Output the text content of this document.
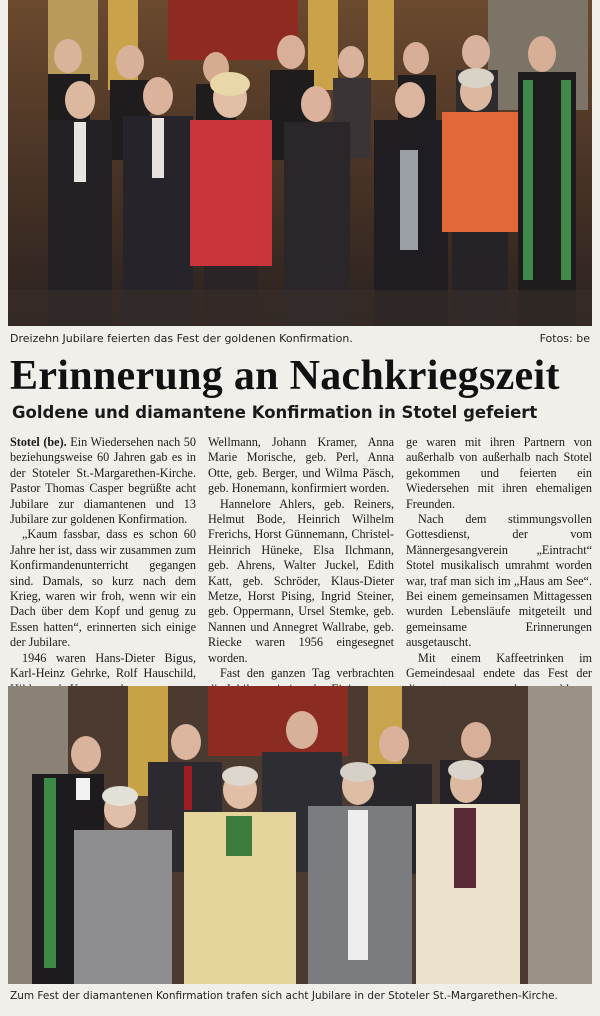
Dreizehn Jubilare feierten das Fest der goldenen Konfirmation.	Fotos: be
Erinnerung an Nachkriegszeit
Goldene und diamantene Konfirmation in Stotel gefeiert

Stotel (be). Ein Wiedersehen nach 50 beziehungsweise 60 Jahren gab es in der Stoteler St.-Margarethen-Kirche. Pastor Thomas Casper begrüßte acht Jubilare zur diamantenen und 13 Jubilare zur goldenen Konfirmation.

„Kaum fassbar, dass es schon 60 Jahre her ist, dass wir zusammen zum Konfirmandenunterricht gegangen sind. Damals, so kurz nach dem Krieg, waren wir froh, wenn wir ein Dach über dem Kopf und genug zu Essen hatten“, erinnerten sich einige der Jubilare.

1946 waren Hans-Dieter Bigus, Karl-Heinz Gehrke, Rolf Hauschild,

Wellmann, Johann Kramer, Anna Marie Morische, geb. Perl, Anna Otte, geb. Berger, und Wilma Päsch, geb. Honemann, konfirmiert worden.

Hannelore Ahlers, geb. Reiners, Helmut Bode, Heinrich Wilhelm Frerichs, Horst Günnemann, Christel-Heinrich Hüneke, Elsa Ilchmann, geb. Ahrens, Walter Juckel, Edith Katt, geb. Schröder, Klaus-Dieter Metze, Horst Pising, Ingrid Steiner, geb. Oppermann, Ursel Stemke, geb. Nannen und Annegret Wallrabe, geb. Riecke waren 1956 eingesegnet worden.

Fast den ganzen Tag verbrachten

ge waren mit ihren Partnern von außerhalb von außerhalb nach Stotel gekommen und feierten ein Wiedersehen mit ihren ehemaligen Freunden.

Nach dem stimmungsvollen Gottesdienst, der vom Männergesangverein „Eintracht“ Stotel musikalisch umrahmt worden war, traf man sich im „Haus am See“. Bei einem gemeinsamen Mittagessen wurden Lebensläufe mitgeteilt und gemeinsame Erinnerungen ausgetauscht.

Mit einem Kaffeetrinken im Gemeindesaal endete das Fest der

Zum Fest der diamantenen Konfirmation trafen sich acht Jubilare in der Stoteler St.-Margarethen-Kirche.
